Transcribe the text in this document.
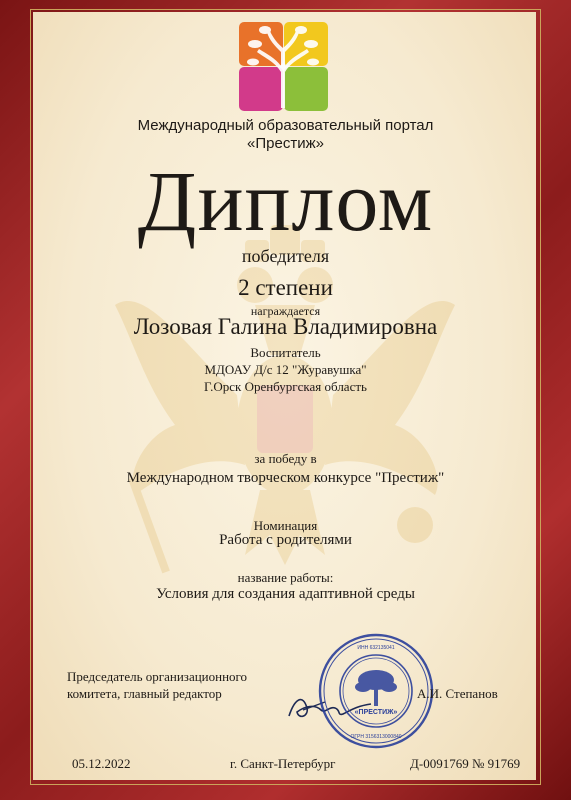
Международный образовательный портал
«Престиж»
Диплом
победителя
2 степени
награждается
Лозовая Галина Владимировна
Воспитатель
МДОАУ Д/с 12 "Журавушка"
Г.Орск Оренбургская область
за победу в
Международном творческом конкурсе "Престиж"
Номинация
Работа с родителями
название работы:
Условия для создания адаптивной среды
Председатель организационного
комитета, главный редактор
«ПРЕСТИЖ»
ИНН 632135041
ОГРН 3156313000840
А.И. Степанов
05.12.2022	г. Санкт-Петербург	Д-0091769 № 91769
